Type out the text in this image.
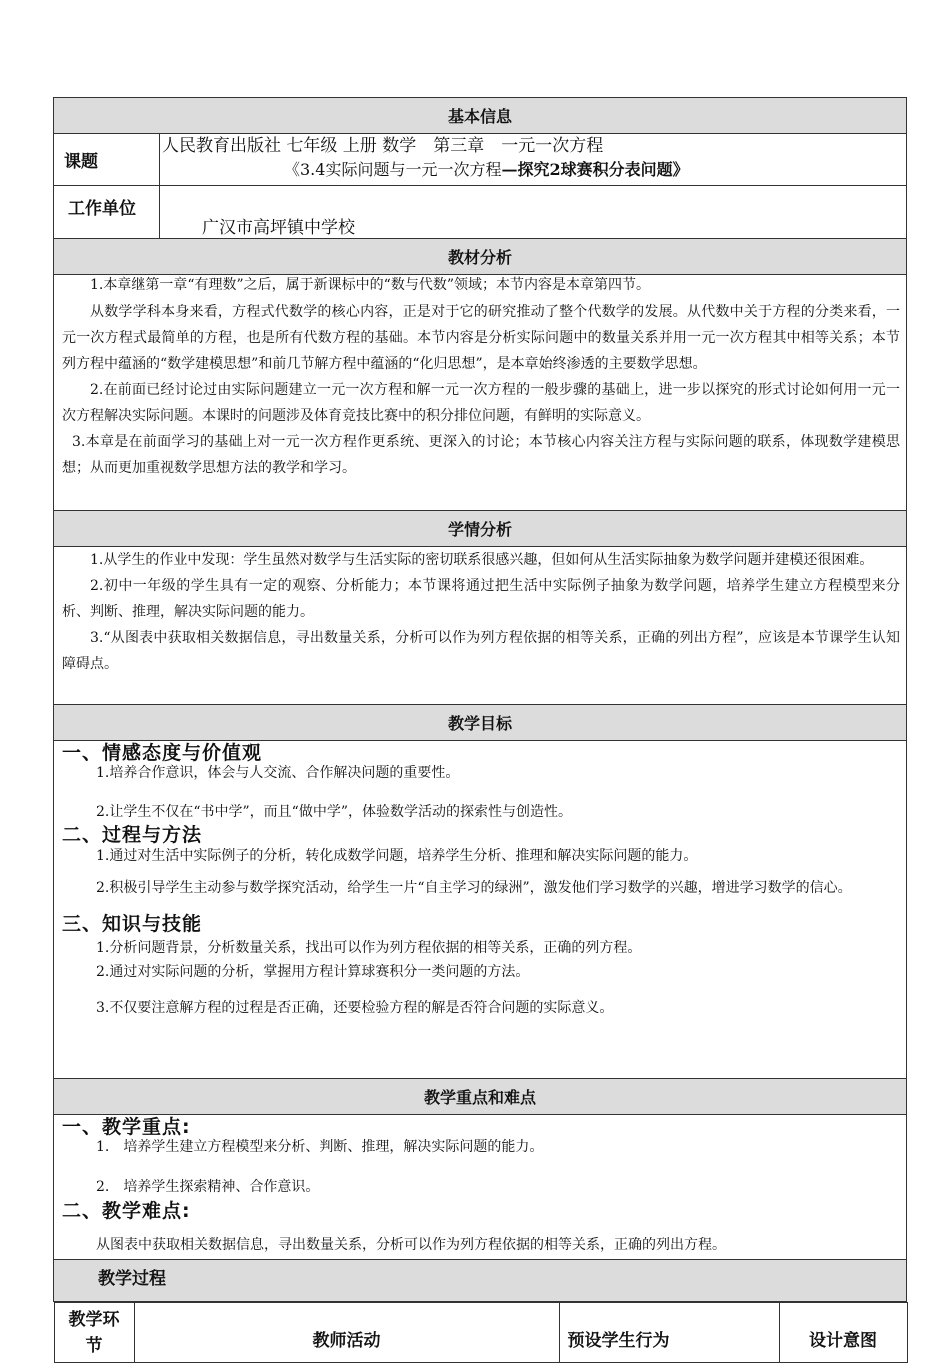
基本信息
课题	
人民教育出版社 七年级 上册 数学　第三章　一元一次方程
《3.4实际问题与一元一次方程—探究2球赛积分表问题》

工作单位	
广汉市高坪镇中学校

教材分析

1.本章继第一章“有理数”之后，属于新课标中的“数与代数”领域；本节内容是本章第四节。
从数学学科本身来看，方程式代数学的核心内容，正是对于它的研究推动了整个代数学的发展。从代数中关于方程的分类来看，一元一次方程式最简单的方程，也是所有代数方程的基础。本节内容是分析实际问题中的数量关系并用一元一次方程其中相等关系；本节列方程中蕴涵的“数学建模思想”和前几节解方程中蕴涵的“化归思想”，是本章始终渗透的主要数学思想。
2.在前面已经讨论过由实际问题建立一元一次方程和解一元一次方程的一般步骤的基础上，进一步以探究的形式讨论如何用一元一次方程解决实际问题。本课时的问题涉及体育竞技比赛中的积分排位问题，有鲜明的实际意义。
3.本章是在前面学习的基础上对一元一次方程作更系统、更深入的讨论；本节核心内容关注方程与实际问题的联系，体现数学建模思想；从而更加重视数学思想方法的教学和学习。

学情分析

1.从学生的作业中发现：学生虽然对数学与生活实际的密切联系很感兴趣，但如何从生活实际抽象为数学问题并建模还很困难。
2.初中一年级的学生具有一定的观察、分析能力；本节课将通过把生活中实际例子抽象为数学问题，培养学生建立方程模型来分析、判断、推理，解决实际问题的能力。
3.“从图表中获取相关数据信息，寻出数量关系，分析可以作为列方程依据的相等关系，正确的列出方程”，应该是本节课学生认知障碍点。

教学目标

一、情感态度与价值观
1.培养合作意识，体会与人交流、合作解决问题的重要性。
2.让学生不仅在“书中学”，而且“做中学”，体验数学活动的探索性与创造性。
二、过程与方法
1.通过对生活中实际例子的分析，转化成数学问题，培养学生分析、推理和解决实际问题的能力。
2.积极引导学生主动参与数学探究活动，给学生一片“自主学习的绿洲”，激发他们学习数学的兴趣，增进学习数学的信心。
三、知识与技能
1.分析问题背景，分析数量关系，找出可以作为列方程依据的相等关系，正确的列方程。
2.通过对实际问题的分析，掌握用方程计算球赛积分一类问题的方法。
3.不仅要注意解方程的过程是否正确，还要检验方程的解是否符合问题的实际意义。

教学重点和难点

一、教学重点:
1.　培养学生建立方程模型来分析、判断、推理，解决实际问题的能力。
2.　培养学生探索精神、合作意识。
二、教学难点:
从图表中获取相关数据信息，寻出数量关系，分析可以作为列方程依据的相等关系，正确的列出方程。

教学过程

教学环节	教师活动	预设学生行为	设计意图
